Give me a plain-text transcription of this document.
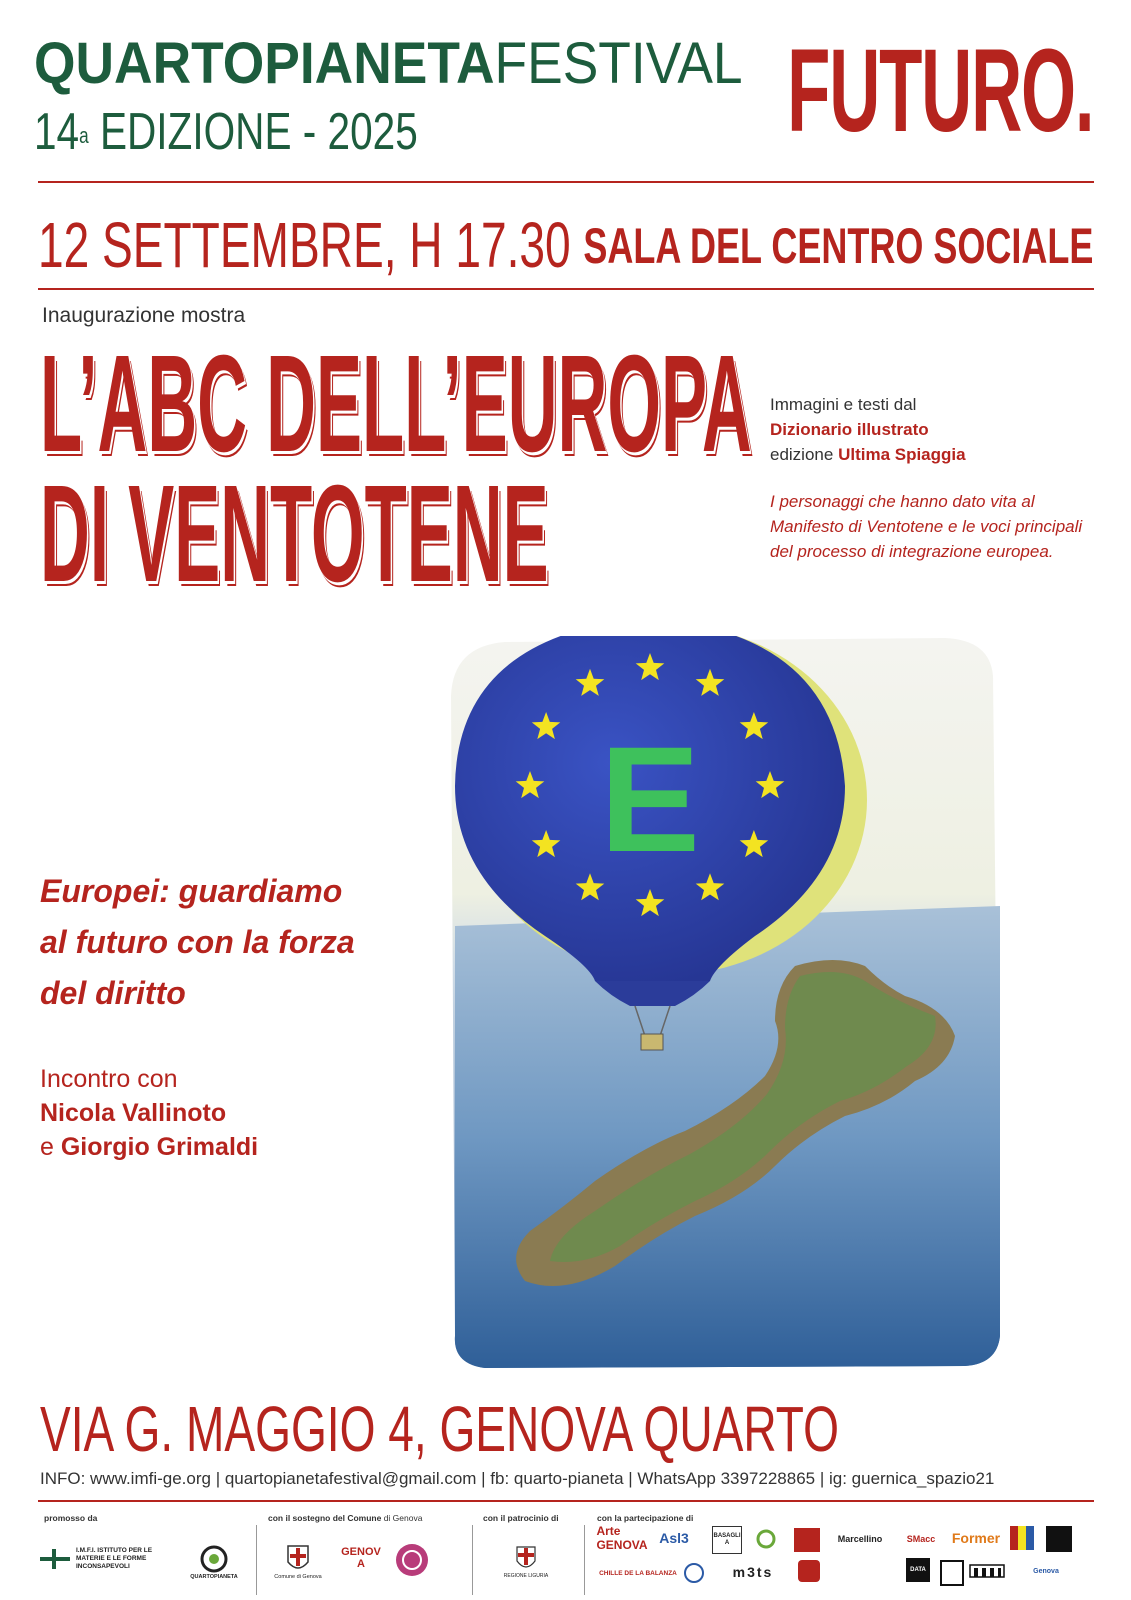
QUARTOPIANETAFESTIVAL
14$^a$ EDIZIONE - 2025	FUTURO.
12 SETTEMBRE, H 17.30 SALA DEL CENTRO SOCIALE
Inaugurazione mostra
L’ABC DELL’EUROPA
DI VENTOTENE
Immagini e testi dal
Dizionario illustrato
edizione Ultima Spiaggia
I personaggi che hanno dato vita al Manifesto di Ventotene e le voci principali del processo di integrazione europea.
E
Europei: guardiamo
al futuro con la forza
del diritto
Incontro con
Nicola Vallinoto
e Giorgio Grimaldi
VIA G. MAGGIO 4, GENOVA QUARTO
INFO: www.imfi-ge.org | quartopianetafestival@gmail.com | fb: quarto-pianeta | WhatsApp 3397228865 | ig: guernica_spazio21
promosso da	con il sostegno del Comune di Genova	con il patrocinio di	con la partecipazione di
I.M.F.I. ISTITUTO PER LE MATERIE E LE FORME INCONSAPEVOLI
QUARTOPIANETA	Comune di Genova
GENOVA
REGIONE LIGURIA
Arte GENOVA Asl3	BASAGLIA	Marcellino	SMacc	Former
CHILLE DE LA BALANZA	m3ts	DATA	Genova
